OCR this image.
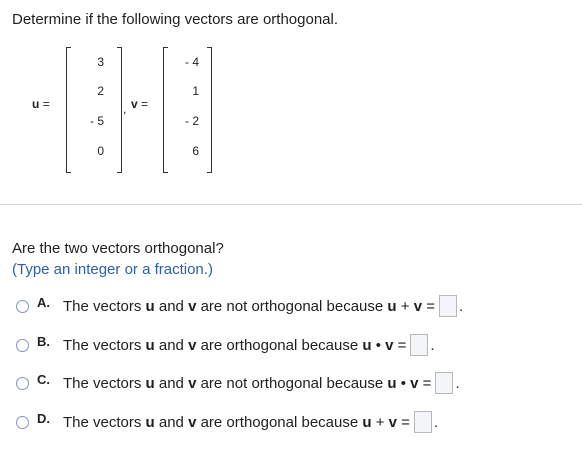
Determine if the following vectors are orthogonal.
u =
3
2
- 5
0
, v =
- 4
1
- 2
6
Are the two vectors orthogonal?
(Type an integer or a fraction.)
A. The vectors u and v are not orthogonal because u + v = .
B. The vectors u and v are orthogonal because u • v = .
C. The vectors u and v are not orthogonal because u • v = .
D. The vectors u and v are orthogonal because u + v = .
